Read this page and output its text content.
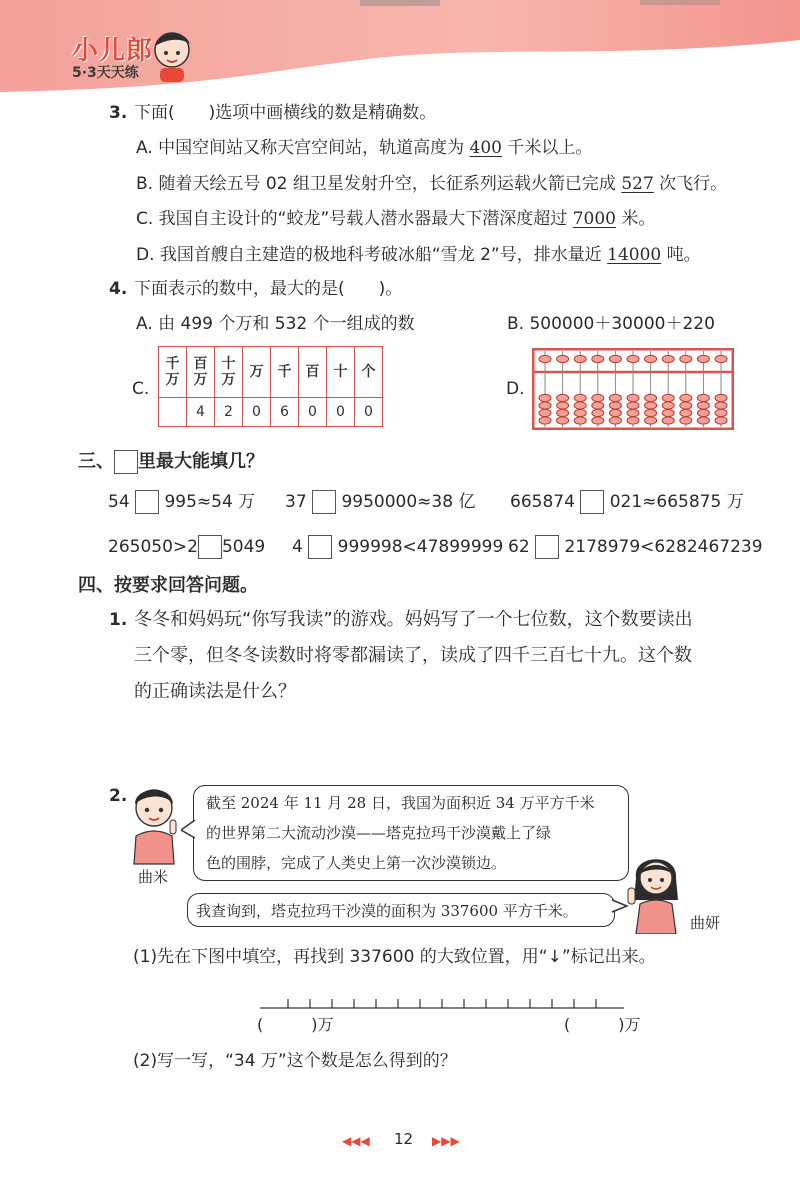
小儿郎
5·3天天练
3. 下面(　　)选项中画横线的数是精确数。
A. 中国空间站又称天宫空间站，轨道高度为 400 千米以上。
B. 随着天绘五号 02 组卫星发射升空，长征系列运载火箭已完成 527 次飞行。
C. 我国自主设计的“蛟龙”号载人潜水器最大下潜深度超过 7000 米。
D. 我国首艘自主建造的极地科考破冰船“雪龙 2”号，排水量近 14000 吨。
4. 下面表示的数中，最大的是(　　)。
A. 由 499 个万和 532 个一组成的数	B. 500000＋30000＋220
C.
千万	百万	十万	万	千	百	十	个
	4	2	0	6	0	0	0
D.
三、 里最大能填几？
54 995≈54 万 37 9950000≈38 亿 665874 021≈665875 万
265050>2 5049 4 999998<47899999 62 2178979<6282467239
四、按要求回答问题。
1. 冬冬和妈妈玩“你写我读”的游戏。妈妈写了一个七位数，这个数要读出
三个零，但冬冬读数时将零都漏读了，读成了四千三百七十九。这个数
的正确读法是什么？
2.
曲米
截至 2024 年 11 月 28 日，我国为面积近 34 万平方千米
的世界第二大流动沙漠——塔克拉玛干沙漠戴上了绿
色的围脖，完成了人类史上第一次沙漠锁边。
我查询到，塔克拉玛干沙漠的面积为 337600 平方千米。
曲妍
(1)先在下图中填空，再找到 337600 的大致位置，用“↓”标记出来。
(　　　)万	(　　　)万
(2)写一写，“34 万”这个数是怎么得到的？
◀◀◀ 12 ▶▶▶
